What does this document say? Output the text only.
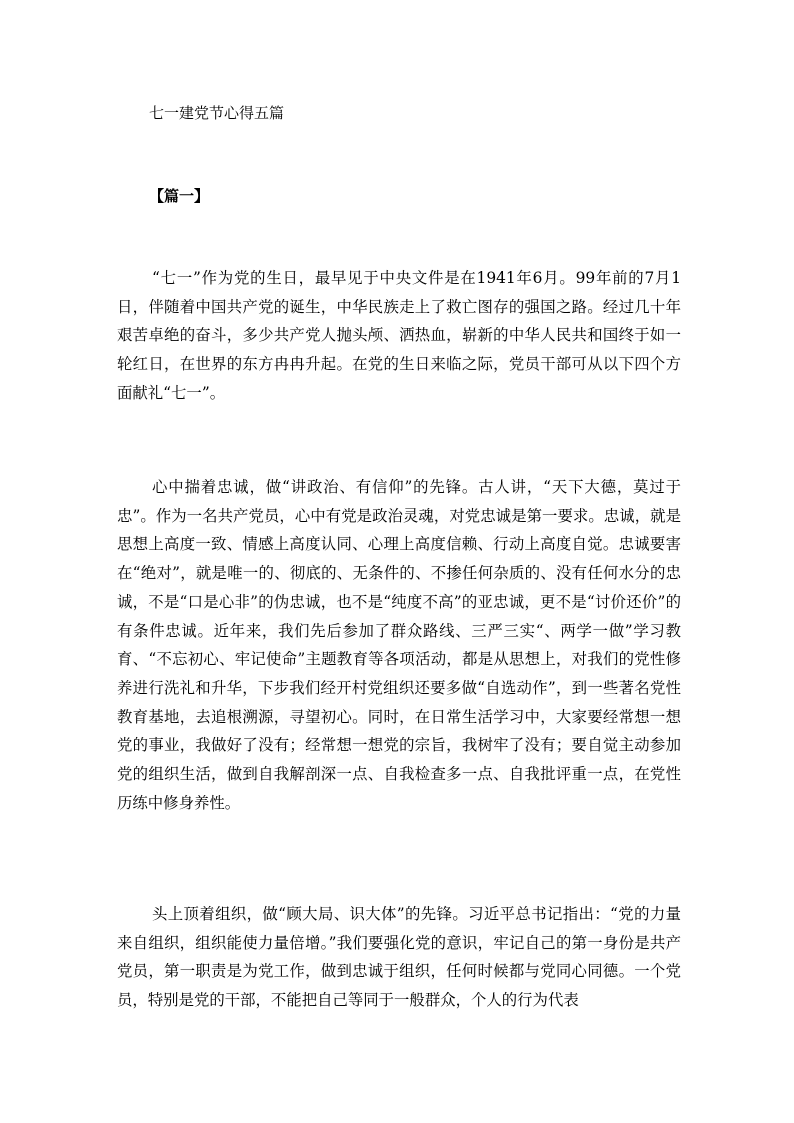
七一建党节心得五篇
【篇一】

“七一”作为党的生日，最早见于中央文件是在1941年6月。99年前的7月1日，伴随着中国共产党的诞生，中华民族走上了救亡图存的强国之路。经过几十年艰苦卓绝的奋斗，多少共产党人抛头颅、洒热血，崭新的中华人民共和国终于如一轮红日，在世界的东方冉冉升起。在党的生日来临之际，党员干部可从以下四个方面献礼“七一”。

心中揣着忠诚，做“讲政治、有信仰”的先锋。古人讲，“天下大德，莫过于忠”。作为一名共产党员，心中有党是政治灵魂，对党忠诚是第一要求。忠诚，就是思想上高度一致、情感上高度认同、心理上高度信赖、行动上高度自觉。忠诚要害在“绝对”，就是唯一的、彻底的、无条件的、不掺任何杂质的、没有任何水分的忠诚，不是“口是心非”的伪忠诚，也不是“纯度不高”的亚忠诚，更不是“讨价还价”的有条件忠诚。近年来，我们先后参加了群众路线、三严三实“、两学一做”学习教育、“不忘初心、牢记使命”主题教育等各项活动，都是从思想上，对我们的党性修养进行洗礼和升华，下步我们经开村党组织还要多做“自选动作”，到一些著名党性教育基地，去追根溯源，寻望初心。同时，在日常生活学习中，大家要经常想一想党的事业，我做好了没有；经常想一想党的宗旨，我树牢了没有；要自觉主动参加党的组织生活，做到自我解剖深一点、自我检查多一点、自我批评重一点，在党性历练中修身养性。

头上顶着组织，做“顾大局、识大体”的先锋。习近平总书记指出：“党的力量来自组织，组织能使力量倍增。”我们要强化党的意识，牢记自己的第一身份是共产党员，第一职责是为党工作，做到忠诚于组织，任何时候都与党同心同德。一个党员，特别是党的干部，不能把自己等同于一般群众，个人的行为代表
